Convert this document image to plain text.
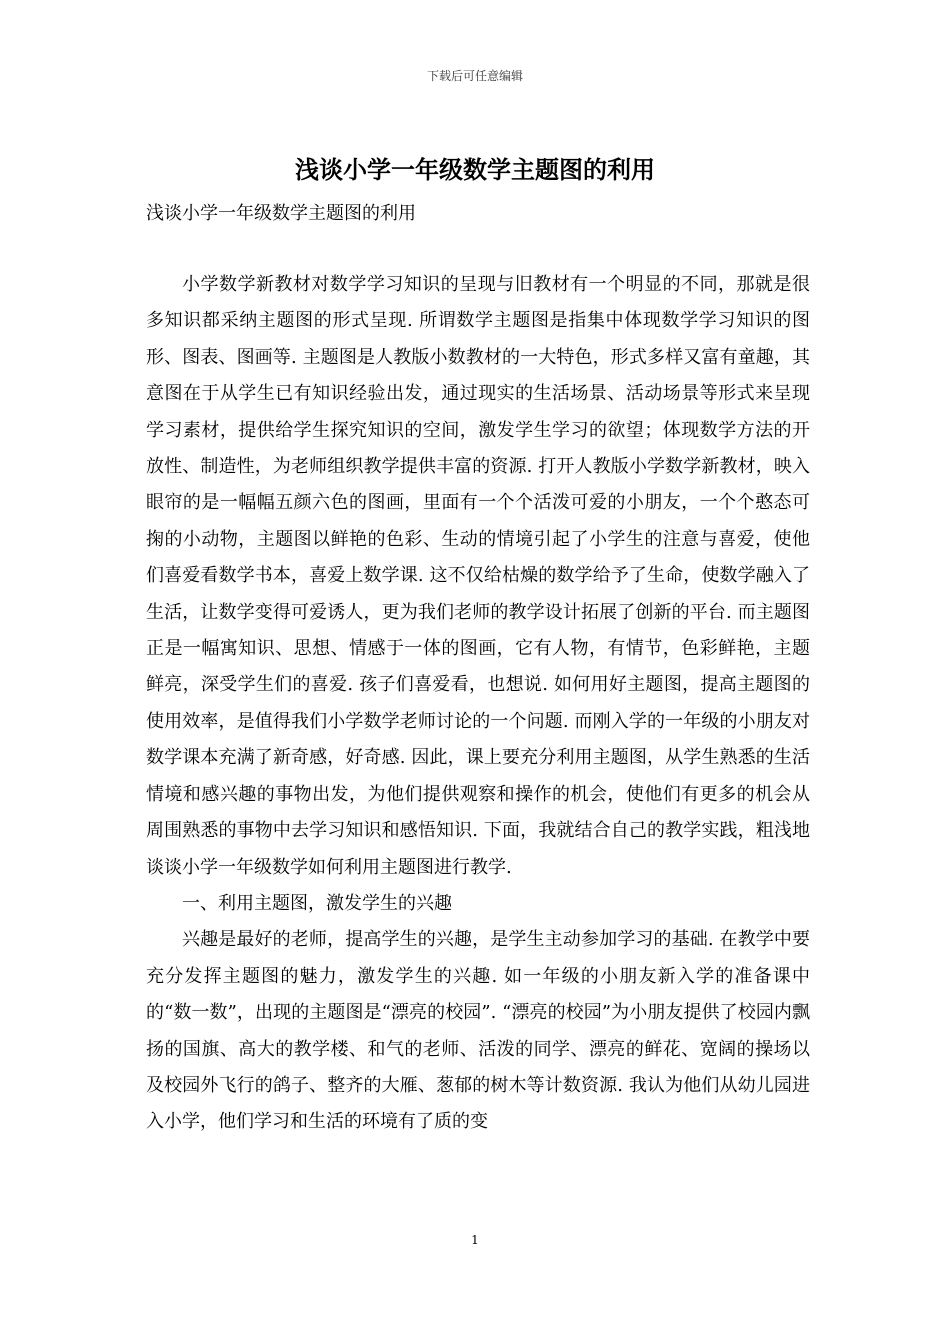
下载后可任意编辑
浅谈小学一年级数学主题图的利用
浅谈小学一年级数学主题图的利用

小学数学新教材对数学学习知识的呈现与旧教材有一个明显的不同，那就是很多知识都采纳主题图的形式呈现. 所谓数学主题图是指集中体现数学学习知识的图形、图表、图画等. 主题图是人教版小数教材的一大特色，形式多样又富有童趣，其意图在于从学生已有知识经验出发，通过现实的生活场景、活动场景等形式来呈现学习素材，提供给学生探究知识的空间，激发学生学习的欲望；体现数学方法的开放性、制造性，为老师组织教学提供丰富的资源. 打开人教版小学数学新教材，映入眼帘的是一幅幅五颜六色的图画，里面有一个个活泼可爱的小朋友，一个个憨态可掬的小动物，主题图以鲜艳的色彩、生动的情境引起了小学生的注意与喜爱，使他们喜爱看数学书本，喜爱上数学课. 这不仅给枯燥的数学给予了生命，使数学融入了生活，让数学变得可爱诱人，更为我们老师的教学设计拓展了创新的平台. 而主题图正是一幅寓知识、思想、情感于一体的图画，它有人物，有情节，色彩鲜艳，主题鲜亮，深受学生们的喜爱. 孩子们喜爱看，也想说. 如何用好主题图，提高主题图的使用效率，是值得我们小学数学老师讨论的一个问题. 而刚入学的一年级的小朋友对数学课本充满了新奇感，好奇感. 因此，课上要充分利用主题图，从学生熟悉的生活情境和感兴趣的事物出发，为他们提供观察和操作的机会，使他们有更多的机会从周围熟悉的事物中去学习知识和感悟知识. 下面，我就结合自己的教学实践，粗浅地谈谈小学一年级数学如何利用主题图进行教学.

一、利用主题图，激发学生的兴趣

兴趣是最好的老师，提高学生的兴趣，是学生主动参加学习的基础. 在教学中要充分发挥主题图的魅力，激发学生的兴趣. 如一年级的小朋友新入学的准备课中的“数一数”，出现的主题图是“漂亮的校园”. “漂亮的校园”为小朋友提供了校园内飘扬的国旗、高大的教学楼、和气的老师、活泼的同学、漂亮的鲜花、宽阔的操场以及校园外飞行的鸽子、整齐的大雁、葱郁的树木等计数资源. 我认为他们从幼儿园进入小学，他们学习和生活的环境有了质的变

1
